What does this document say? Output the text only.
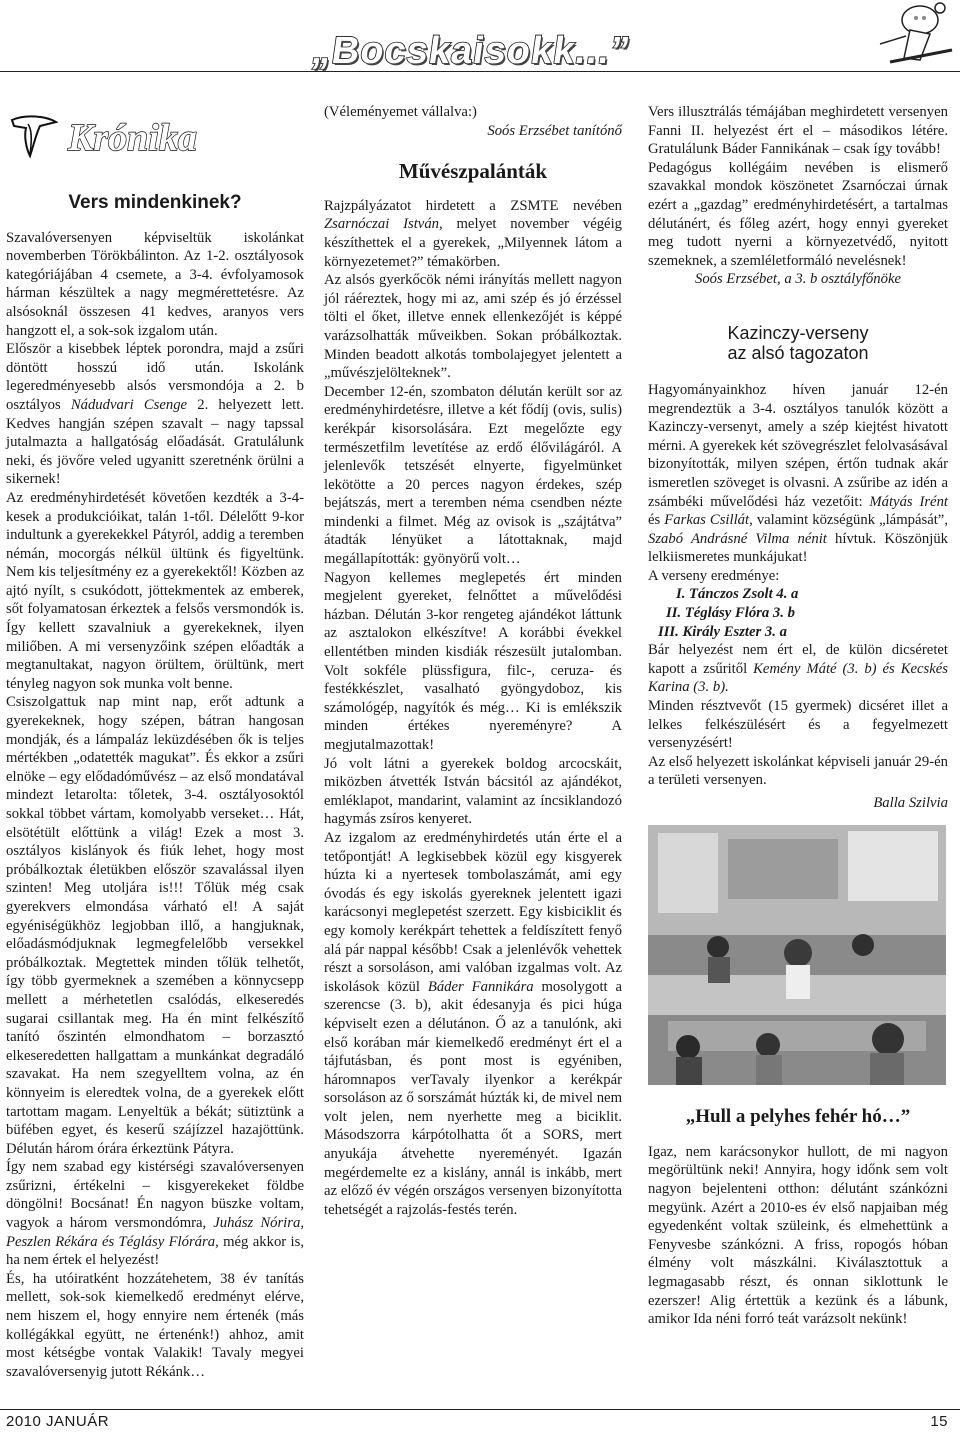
„Bocskaisokk...”
Krónika
Vers mindenkinek?

Szavalóversenyen képviseltük iskolánkat novemberben Törökbálinton. Az 1-2. osztályosok kategóriájában 4 csemete, a 3-4. évfolyamosok hárman készültek a nagy megmérettetésre. Az alsósoknál összesen 41 kedves, aranyos vers hangzott el, a sok-sok izgalom után.

Először a kisebbek léptek porondra, majd a zsűri döntött hosszú idő után. Iskolánk legeredményesebb alsós versmondója a 2. b osztályos Nádudvari Csenge 2. helyezett lett. Kedves hangján szépen szavalt – nagy tapssal jutalmazta a hallgatóság előadását. Gratulálunk neki, és jövőre veled ugyanitt szeretnénk örülni a sikernek!

Az eredményhirdetését követően kezdték a 3-4-kesek a produkcióikat, talán 1-től. Délelőtt 9-kor indultunk a gyerekekkel Pátyról, addig a teremben némán, mocorgás nélkül ültünk és figyeltünk. Nem kis teljesítmény ez a gyerekektől! Közben az ajtó nyílt, s csukódott, jöttekmentek az emberek, sőt folyamatosan érkeztek a felsős versmondók is. Így kellett szavalniuk a gyerekeknek, ilyen miliőben. A mi versenyzőink szépen előadták a megtanultakat, nagyon örültem, örültünk, mert tényleg nagyon sok munka volt benne.

Csiszolgattuk nap mint nap, erőt adtunk a gyerekeknek, hogy szépen, bátran hangosan mondják, és a lámpaláz leküzdésében ők is teljes mértékben „odatették magukat”. És ekkor a zsűri elnöke – egy elődadóművész – az első mondatával mindezt letarolta: tőletek, 3-4. osztályosoktól sokkal többet vártam, komolyabb verseket… Hát, elsötétült előttünk a világ! Ezek a most 3. osztályos kislányok és fiúk lehet, hogy most próbálkoztak életükben először szavalással ilyen szinten! Meg utoljára is!!! Tőlük még csak gyerekvers elmondása várható el! A saját egyéniségükhöz legjobban illő, a hangjuknak, előadásmódjuknak legmegfelelőbb versekkel próbálkoztak. Megtettek minden tőlük telhetőt, így több gyermeknek a szemében a könnycsepp mellett a mérhetetlen csalódás, elkeseredés sugarai csillantak meg. Ha én mint felkészítő tanító őszintén elmondhatom – borzasztó elkeseredetten hallgattam a munkánkat degradáló szavakat. Ha nem szegyelltem volna, az én könnyeim is eleredtek volna, de a gyerekek előtt tartottam magam. Lenyeltük a békát; sütiztünk a büfében egyet, és keserű szájízzel hazajöttünk. Délután három órára érkeztünk Pátyra.

Így nem szabad egy kistérségi szavalóversenyen zsűrizni, értékelni – kisgyerekeket földbe döngölni! Bocsánat! Én nagyon büszke voltam, vagyok a három versmondómra, Juhász Nórira, Peszlen Rékára és Téglásy Flórára, még akkor is, ha nem értek el helyezést!

És, ha utóiratként hozzátehetem, 38 év tanítás mellett, sok-sok kiemelkedő eredményt elérve, nem hiszem el, hogy ennyire nem értenék (más kollégákkal együtt, ne értenénk!) ahhoz, amit most kétségbe vontak Valakik! Tavaly megyei szavalóversenyig jutott Rékánk…

(Véleményemet vállalva:)

Soós Erzsébet tanítónő

Művészpalánták

Rajzpályázatot hirdetett a ZSMTE nevében Zsarnóczai István, melyet november végéig készíthettek el a gyerekek, „Milyennek látom a környezetemet?” témakörben.

Az alsós gyerkőcök némi irányítás mellett nagyon jól ráéreztek, hogy mi az, ami szép és jó érzéssel tölti el őket, illetve ennek ellenkezőjét is képpé varázsolhatták műveikben. Sokan próbálkoztak. Minden beadott alkotás tombolajegyet jelentett a „művészjelölteknek”.

December 12-én, szombaton délután került sor az eredményhirdetésre, illetve a két fődíj (ovis, sulis) kerékpár kisorsolására. Ezt megelőzte egy természetfilm levetítése az erdő élővilágáról. A jelenlevők tetszését elnyerte, figyelmünket lekötötte a 20 perces nagyon érdekes, szép bejátszás, mert a teremben néma csendben nézte mindenki a filmet. Még az ovisok is „szájtátva” átadták lényüket a látottaknak, majd megállapították: gyönyörű volt…

Nagyon kellemes meglepetés ért minden megjelent gyereket, felnőttet a művelődési házban. Délután 3-kor rengeteg ajándékot láttunk az asztalokon elkészítve! A korábbi évekkel ellentétben minden kisdiák részesült jutalomban. Volt sokféle plüssfigura, filc-, ceruza- és festékkészlet, vasalható gyöngydoboz, kis számológép, nagyítók és még… Ki is emlékszik minden értékes nyereményre? A megjutalmazottak!

Jó volt látni a gyerekek boldog arcocskáit, miközben átvették István bácsitól az ajándékot, emléklapot, mandarint, valamint az íncsiklandozó hagymás zsíros kenyeret.

Az izgalom az eredményhirdetés után érte el a tetőpontját! A legkisebbek közül egy kisgyerek húzta ki a nyertesek tombolaszámát, ami egy óvodás és egy iskolás gyereknek jelentett igazi karácsonyi meglepetést szerzett. Egy kisbiciklit és egy komoly kerékpárt tehettek a feldíszített fenyő alá pár nappal később! Csak a jelenlévők vehettek részt a sorsoláson, ami valóban izgalmas volt. Az iskolások közül Báder Fannikára mosolygott a szerencse (3. b), akit édesanyja és pici húga képviselt ezen a délutánon. Ő az a tanulónk, aki első korában már kiemelkedő eredményt ért el a tájfutásban, és pont most is egyéniben, háromnapos verTavaly ilyenkor a kerékpár sorsoláson az ő sorszámát húzták ki, de mivel nem volt jelen, nem nyerhette meg a biciklit. Másodszorra kárpótolhatta őt a SORS, mert anyukája átvehette nyereményét. Igazán megérdemelte ez a kislány, annál is inkább, mert az előző év végén országos versenyen bizonyította tehetségét a rajzolás-festés terén.

Vers illusztrálás témájában meghirdetett versenyen Fanni II. helyezést ért el – másodikos létére. Gratulálunk Báder Fannikának – csak így tovább!

Pedagógus kollégáim nevében is elismerő szavakkal mondok köszönetet Zsarnóczai úrnak ezért a „gazdag” eredményhirdetésért, a tartalmas délutánért, és főleg azért, hogy ennyi gyereket meg tudott nyerni a környezetvédő, nyitott szemeknek, a szemléletformáló nevelésnek!

Soós Erzsébet, a 3. b osztályfőnöke

Kazinczy-verseny
az alsó tagozaton

Hagyományainkhoz híven január 12-én megrendeztük a 3-4. osztályos tanulók között a Kazinczy-versenyt, amely a szép kiejtést hivatott mérni. A gyerekek két szövegrészlet felolvasásával bizonyították, milyen szépen, értőn tudnak akár ismeretlen szöveget is olvasni. A zsűribe az idén a zsámbéki művelődési ház vezetőit: Mátyás Irént és Farkas Csillát, valamint községünk „lámpását”, Szabó Andrásné Vilma nénit hívtuk. Köszönjük lelkiismeretes munkájukat!

A verseny eredménye:

I. Tánczos Zsolt 4. a

II. Téglásy Flóra 3. b

III. Király Eszter 3. a

Bár helyezést nem ért el, de külön dicséretet kapott a zsűritől Kemény Máté (3. b) és Kecskés Karina (3. b).

Minden résztvevőt (15 gyermek) dicséret illet a lelkes felkészülésért és a fegyelmezett versenyzésért!

Az első helyezett iskolánkat képviseli január 29-én a területi versenyen.

Balla Szilvia

„Hull a pelyhes fehér hó…”

Igaz, nem karácsonykor hullott, de mi nagyon megörültünk neki! Annyira, hogy időnk sem volt nagyon bejelenteni otthon: délutánt szánkózni megyünk. Azért a 2010-es év első napjaiban még egyedenként voltak szüleink, és elmehettünk a Fenyvesbe szánkózni. A friss, ropogós hóban élmény volt mászkálni. Kiválasztottuk a legmagasabb részt, és onnan siklottunk le ezerszer! Alig értettük a kezünk és a lábunk, amikor Ida néni forró teát varázsolt nekünk!

2010 JANUÁR	15
